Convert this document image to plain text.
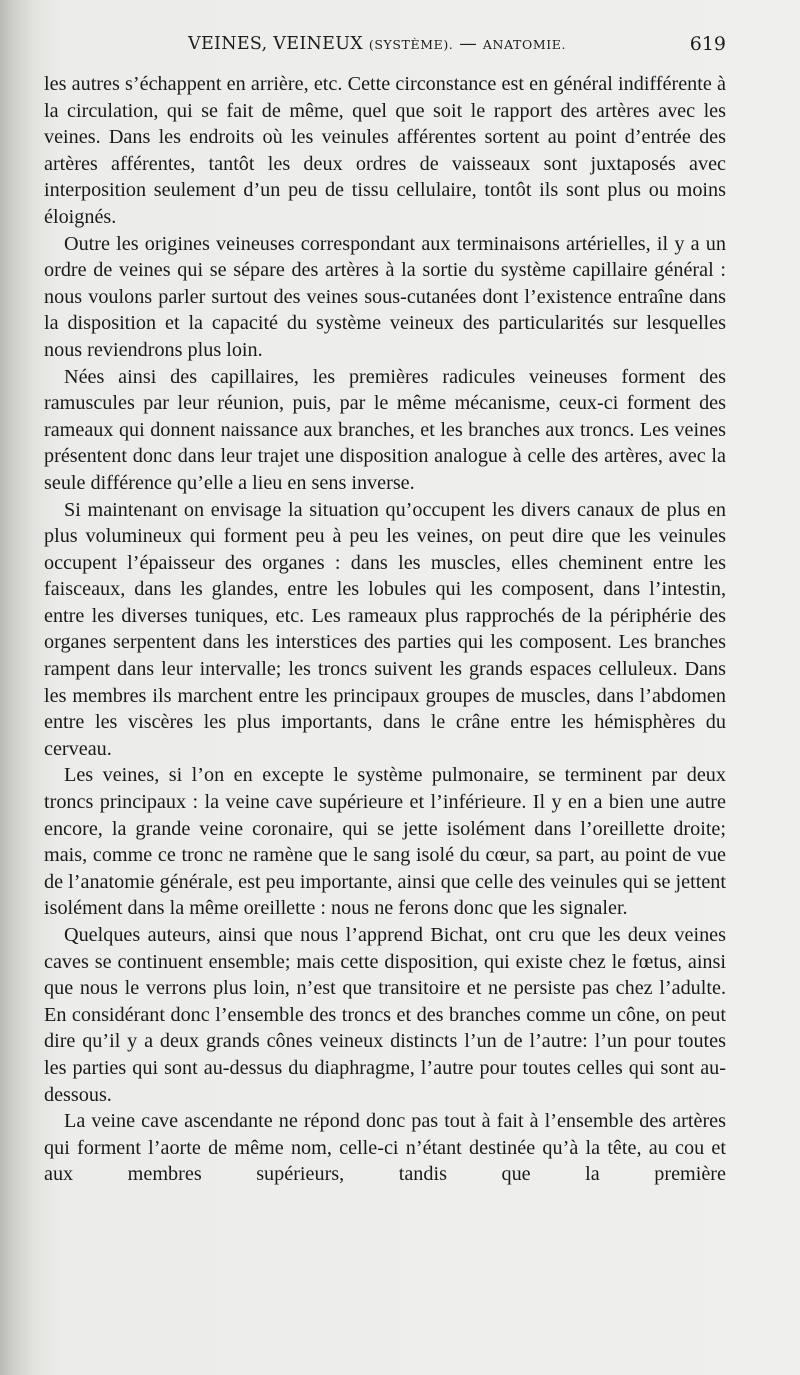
VEINES, VEINEUX (SYSTÈME). — ANATOMIE.	619

les autres s’échappent en arrière, etc. Cette circonstance est en général indifférente à la circulation, qui se fait de même, quel que soit le rapport des artères avec les veines. Dans les endroits où les veinules afférentes sortent au point d’entrée des artères afférentes, tantôt les deux ordres de vaisseaux sont juxtaposés avec interposition seulement d’un peu de tissu cellulaire, tontôt ils sont plus ou moins éloignés.

Outre les origines veineuses correspondant aux terminaisons artérielles, il y a un ordre de veines qui se sépare des artères à la sortie du système capillaire général : nous voulons parler surtout des veines sous-cutanées dont l’existence entraîne dans la disposition et la capacité du système veineux des particularités sur lesquelles nous reviendrons plus loin.

Nées ainsi des capillaires, les premières radicules veineuses forment des ramuscules par leur réunion, puis, par le même mécanisme, ceux-ci forment des rameaux qui donnent naissance aux branches, et les branches aux troncs. Les veines présentent donc dans leur trajet une disposition analogue à celle des artères, avec la seule différence qu’elle a lieu en sens inverse.

Si maintenant on envisage la situation qu’occupent les divers canaux de plus en plus volumineux qui forment peu à peu les veines, on peut dire que les veinules occupent l’épaisseur des organes : dans les muscles, elles cheminent entre les faisceaux, dans les glandes, entre les lobules qui les composent, dans l’intestin, entre les diverses tuniques, etc. Les rameaux plus rapprochés de la périphérie des organes serpentent dans les interstices des parties qui les composent. Les branches rampent dans leur intervalle; les troncs suivent les grands espaces celluleux. Dans les membres ils marchent entre les principaux groupes de muscles, dans l’abdomen entre les viscères les plus importants, dans le crâne entre les hémisphères du cerveau.

Les veines, si l’on en excepte le système pulmonaire, se terminent par deux troncs principaux : la veine cave supérieure et l’inférieure. Il y en a bien une autre encore, la grande veine coronaire, qui se jette isolément dans l’oreillette droite; mais, comme ce tronc ne ramène que le sang isolé du cœur, sa part, au point de vue de l’anatomie générale, est peu importante, ainsi que celle des veinules qui se jettent isolément dans la même oreillette : nous ne ferons donc que les signaler.

Quelques auteurs, ainsi que nous l’apprend Bichat, ont cru que les deux veines caves se continuent ensemble; mais cette disposition, qui existe chez le fœtus, ainsi que nous le verrons plus loin, n’est que transitoire et ne persiste pas chez l’adulte. En considérant donc l’ensemble des troncs et des branches comme un cône, on peut dire qu’il y a deux grands cônes veineux distincts l’un de l’autre: l’un pour toutes les parties qui sont au-dessus du diaphragme, l’autre pour toutes celles qui sont au-dessous.

La veine cave ascendante ne répond donc pas tout à fait à l’ensemble des artères qui forment l’aorte de même nom, celle-ci n’étant destinée qu’à la tête, au cou et aux membres supérieurs, tandis que la première
